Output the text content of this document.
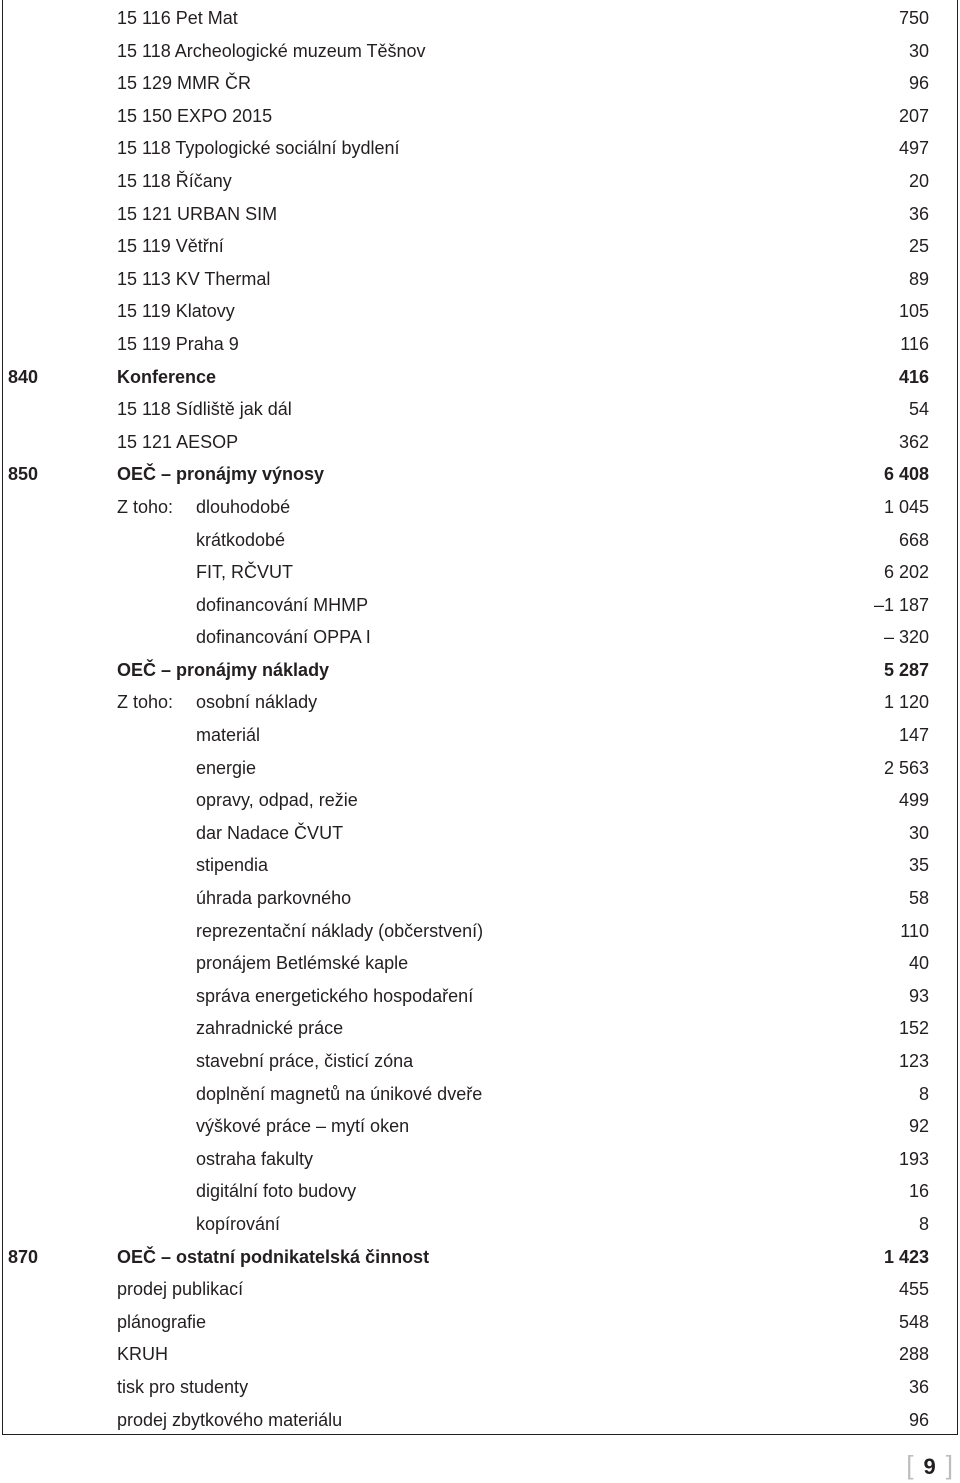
15 116 Pet Mat	750
15 118 Archeologické muzeum Těšnov	30
15 129 MMR ČR	96
15 150 EXPO 2015	207
15 118 Typologické sociální bydlení	497
15 118 Říčany	20
15 121 URBAN SIM	36
15 119 Větřní	25
15 113 KV Thermal	89
15 119 Klatovy	105
15 119 Praha 9	116
840	Konference	416
15 118 Sídliště jak dál	54
15 121 AESOP	362
850	OEČ – pronájmy výnosy	6 408
Z toho: dlouhodobé	1 045
krátkodobé	668
FIT, RČVUT	6 202
dofinancování MHMP	–1 187
dofinancování OPPA I	– 320
OEČ – pronájmy náklady	5 287
Z toho: osobní náklady	1 120
materiál	147
energie	2 563
opravy, odpad, režie	499
dar Nadace ČVUT	30
stipendia	35
úhrada parkovného	58
reprezentační náklady (občerstvení)	110
pronájem Betlémské kaple	40
správa energetického hospodaření	93
zahradnické práce	152
stavební práce, čisticí zóna	123
doplnění magnetů na únikové dveře	8
výškové práce – mytí oken	92
ostraha fakulty	193
digitální foto budovy	16
kopírování	8
870	OEČ – ostatní podnikatelská činnost	1 423
prodej publikací	455
plánografie	548
KRUH	288
tisk pro studenty	36
prodej zbytkového materiálu	96
[ 9 ]
